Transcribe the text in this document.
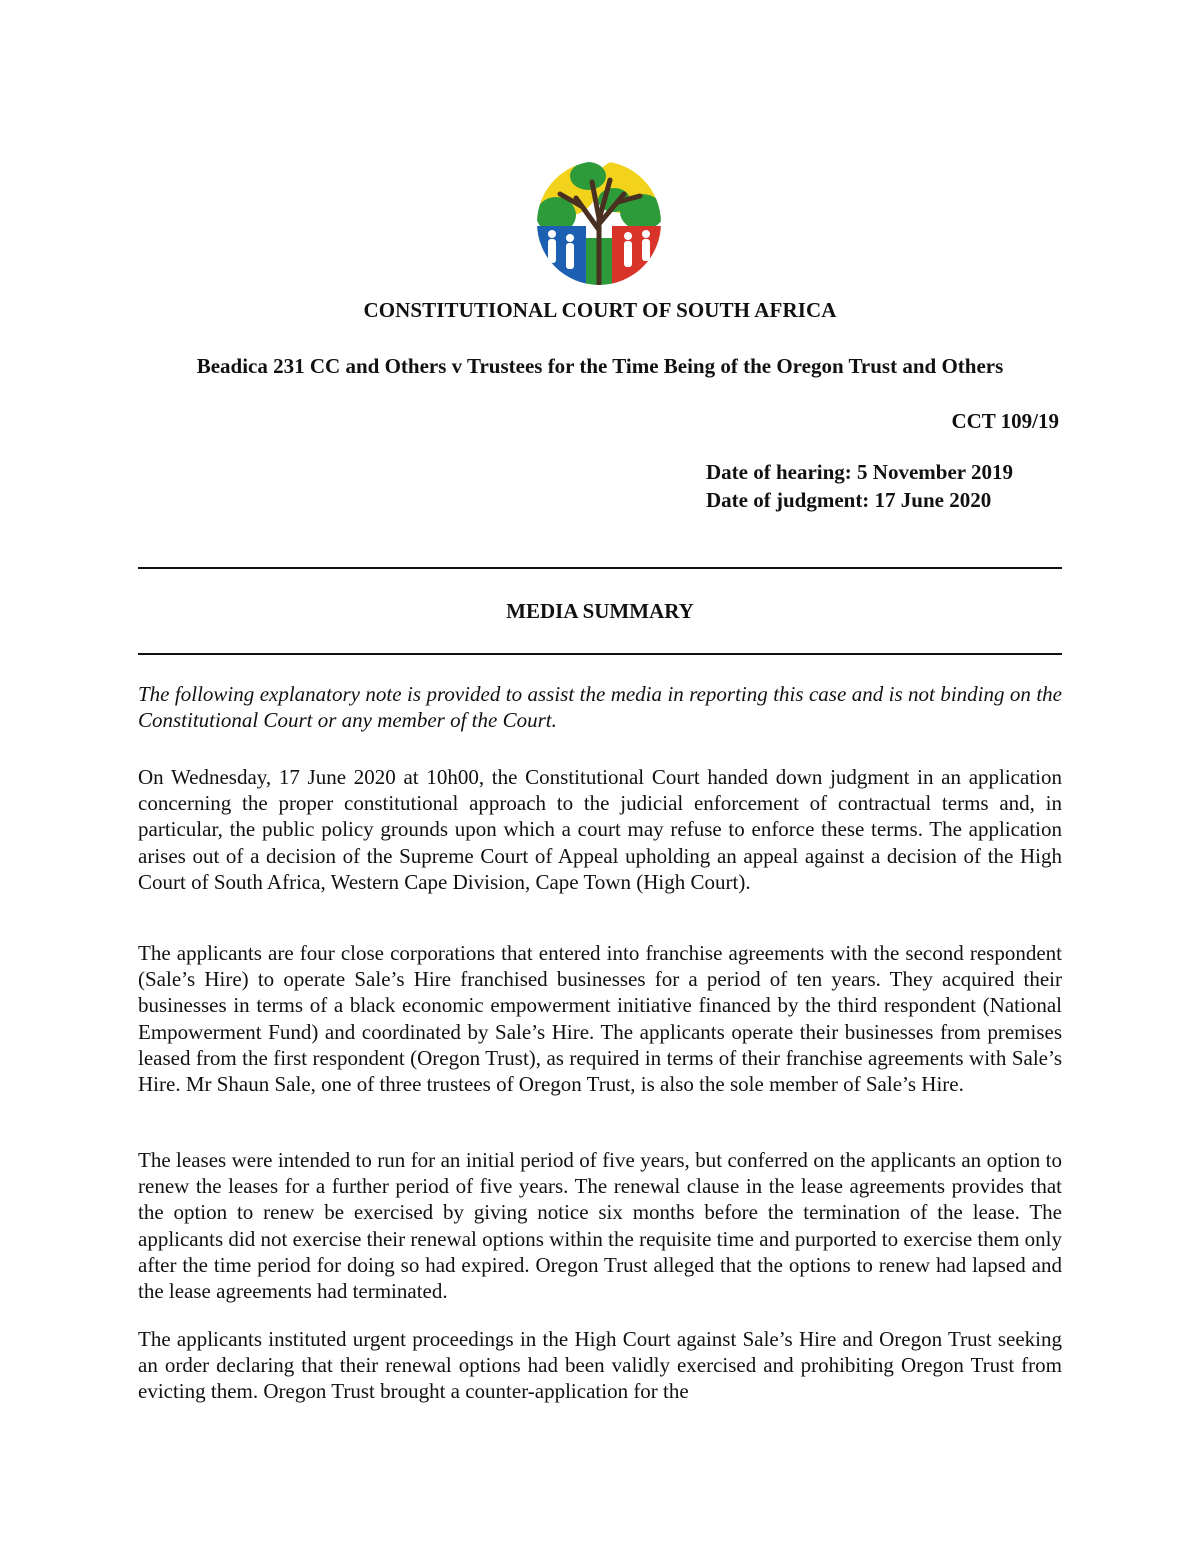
CONSTITUTIONAL COURT OF SOUTH AFRICA
Beadica 231 CC and Others v Trustees for the Time Being of the Oregon Trust and Others
CCT 109/19
Date of hearing: 5 November 2019
Date of judgment: 17 June 2020
MEDIA SUMMARY
The following explanatory note is provided to assist the media in reporting this case and is not binding on the Constitutional Court or any member of the Court.
On Wednesday, 17 June 2020 at 10h00, the Constitutional Court handed down judgment in an application concerning the proper constitutional approach to the judicial enforcement of contractual terms and, in particular, the public policy grounds upon which a court may refuse to enforce these terms. The application arises out of a decision of the Supreme Court of Appeal upholding an appeal against a decision of the High Court of South Africa, Western Cape Division, Cape Town (High Court).
The applicants are four close corporations that entered into franchise agreements with the second respondent (Sale’s Hire) to operate Sale’s Hire franchised businesses for a period of ten years. They acquired their businesses in terms of a black economic empowerment initiative financed by the third respondent (National Empowerment Fund) and coordinated by Sale’s Hire. The applicants operate their businesses from premises leased from the first respondent (Oregon Trust), as required in terms of their franchise agreements with Sale’s Hire. Mr Shaun Sale, one of three trustees of Oregon Trust, is also the sole member of Sale’s Hire.
The leases were intended to run for an initial period of five years, but conferred on the applicants an option to renew the leases for a further period of five years. The renewal clause in the lease agreements provides that the option to renew be exercised by giving notice six months before the termination of the lease. The applicants did not exercise their renewal options within the requisite time and purported to exercise them only after the time period for doing so had expired. Oregon Trust alleged that the options to renew had lapsed and the lease agreements had terminated.
The applicants instituted urgent proceedings in the High Court against Sale’s Hire and Oregon Trust seeking an order declaring that their renewal options had been validly exercised and prohibiting Oregon Trust from evicting them. Oregon Trust brought a counter-application for the
